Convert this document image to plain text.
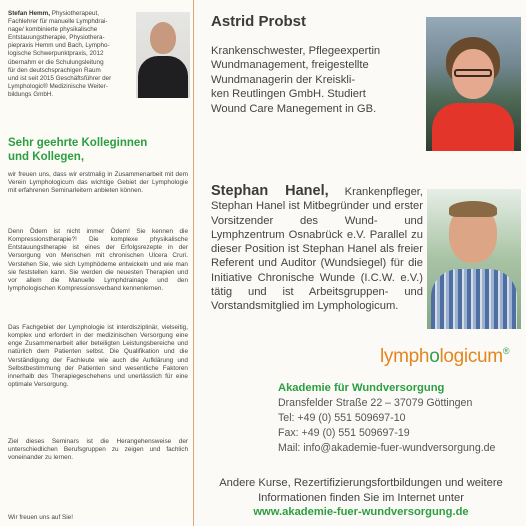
Stefan Hemm, Physiotherapeut,
Fachlehrer für manuelle Lymphdrai-
nage/ kombinierte physikalische
Entstauungstherapie, Physiothera-
piepraxis Hemm und Bach, Lympho-
logische Schwerpunktpraxis, 2012
übernahm er die Schulungsleitung
für den deutschsprachigen Raum
und ist seit 2015 Geschäftsführer der
Lymphologic® Medizinische Weiter-
bildungs GmbH.
Sehr geehrte Kolleginnen
und Kollegen,
wir freuen uns, dass wir erstmalig in Zusammenarbeit mit dem Verein Lymphologicum das wichtige Gebiet der Lymphologie mit erfahrenen Seminarleitern anbieten können.
Denn Ödem ist nicht immer Ödem! Sie kennen die Kompressionstherapie?! Die komplexe physikalische Entstauungstherapie ist eines der Erfolgsrezepte in der Versorgung von Menschen mit chronischen Ulcera Cruri. Verstehen Sie, wie sich Lymphödeme entwickeln und wie man sie feststellen kann. Sie werden die neuesten Therapien und vor allem die Manuelle Lymphdrainage und den lymphologischen Kompressionsverband kennenlernen.
Das Fachgebiet der Lymphologie ist interdisziplinär, vielseitig, komplex und erfordert in der medizinischen Versorgung eine enge Zusammenarbeit aller beteiligten Leistungsbereiche und natürlich dem Patienten selbst. Die Qualifikation und die Verständigung der Fachleute wie auch die Aufklärung und Selbstbestimmung der Patienten sind wesentliche Faktoren innerhalb des Therapiegeschehens und unerlässlich für eine optimale Versorgung.
Ziel dieses Seminars ist die Herangehensweise der unterschiedlichen Berufsgruppen zu zeigen und fachlich voneinander zu lernen.
Wir freuen uns auf Sie!
Astrid Probst
Krankenschwester, Pflegeexpertin
Wundmanagement, freigestellte
Wundmanagerin der Kreiskli-
ken Reutlingen GmbH. Studiert
Wound Care Manegement in GB.
Stephan Hanel, Krankenpfleger, Stephan Hanel ist Mitbegründer und erster Vorsitzender des Wund- und Lymphzentrum Osnabrück e.V. Parallel zu dieser Position ist Stephan Hanel als freier Referent und Auditor (Wundsiegel) für die Initiative Chronische Wunde (I.C.W. e.V.) tätig und ist Arbeitsgruppen- und Vorstandsmitglied im Lymphologicum.
lymphologicum®
Akademie für Wundversorgung
Dransfelder Straße 22 – 37079 Göttingen
Tel: +49 (0) 551 509697-10
Fax: +49 (0) 551 509697-19
Mail: info@akademie-fuer-wundversorgung.de
Andere Kurse, Rezertifizierungsfortbildungen und weitere
Informationen finden Sie im Internet unter
www.akademie-fuer-wundversorgung.de
